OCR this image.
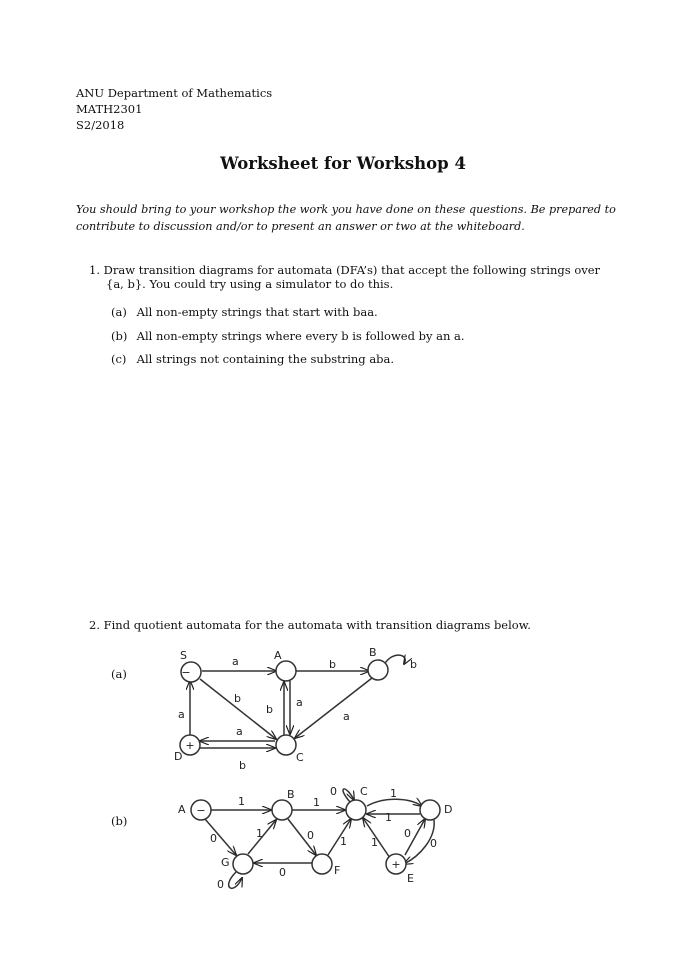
ANU Department of Mathematics
MATH2301
S2/2018
Worksheet for Workshop 4
You should bring to your workshop the work you have done on these questions. Be prepared to contribute to discussion and/or to present an answer or two at the whiteboard.
1. Draw transition diagrams for automata (DFA’s) that accept the following strings over
{a, b}. You could try using a simulator to do this.
(a) All non-empty strings that start with baa.
(b) All non-empty strings where every b is followed by an a.
(c) All strings not containing the substring aba.
2. Find quotient automata for the automata with transition diagrams below.
(a)
(b)
−
+
S	A	B
D	C
a	b	b
b	a
a
b
a
a
b
−
+
A
B	C
D
G
F
E
1	1
1
1
0
1
0	1 1
0	0
0
0
0
